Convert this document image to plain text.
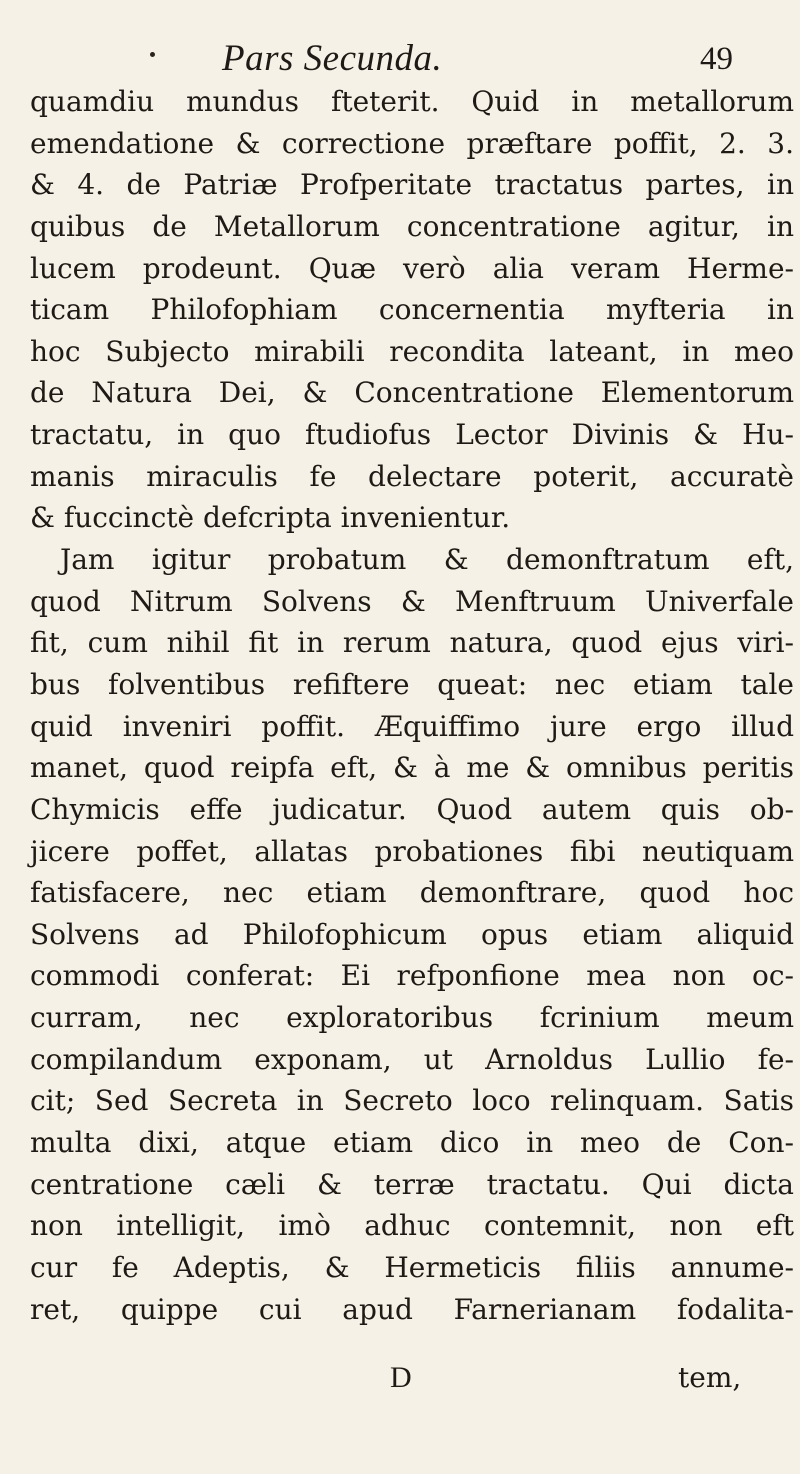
Pars Secunda.	49
quamdiu mundus fteterit. Quid in metallorum
emendatione & correctione præftare poffit, 2. 3.
& 4. de Patriæ Profperitate tractatus partes, in
quibus de Metallorum concentratione agitur, in
lucem prodeunt. Quæ verò alia veram Herme-
ticam Philofophiam concernentia myfteria in
hoc Subjecto mirabili recondita lateant, in meo
de Natura Dei, & Concentratione Elementorum
tractatu, in quo ftudiofus Lector Divinis & Hu-
manis miraculis fe delectare poterit, accuratè
& fuccinctè defcripta invenientur.
Jam igitur probatum & demonftratum eft,
quod Nitrum Solvens & Menftruum Univerfale
fit, cum nihil fit in rerum natura, quod ejus viri-
bus folventibus refiftere queat: nec etiam tale
quid inveniri poffit. Æquiffimo jure ergo illud
manet, quod reipfa eft, & à me & omnibus peritis
Chymicis effe judicatur. Quod autem quis ob-
jicere poffet, allatas probationes fibi neutiquam
fatisfacere, nec etiam demonftrare, quod hoc
Solvens ad Philofophicum opus etiam aliquid
commodi conferat: Ei refponfione mea non oc-
curram, nec exploratoribus fcrinium meum
compilandum exponam, ut Arnoldus Lullio fe-
cit; Sed Secreta in Secreto loco relinquam. Satis
multa dixi, atque etiam dico in meo de Con-
centratione cæli & terræ tractatu. Qui dicta
non intelligit, imò adhuc contemnit, non eft
cur fe Adeptis, & Hermeticis filiis annume-
ret, quippe cui apud Farnerianam fodalita-
D	tem,
